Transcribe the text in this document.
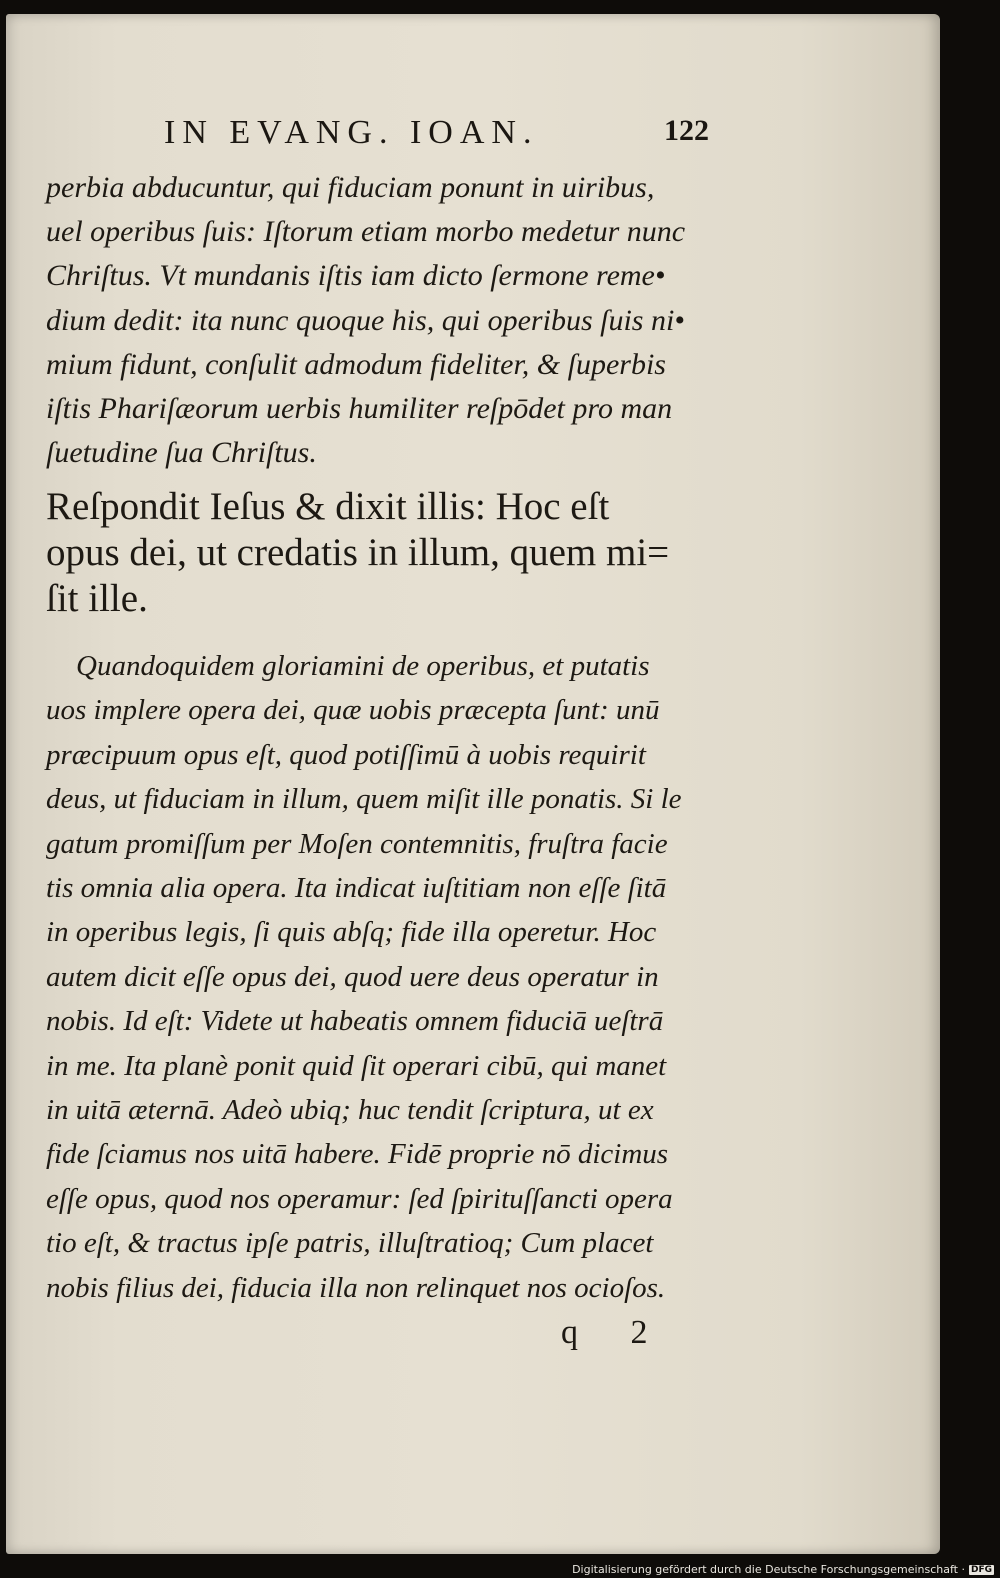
IN EVANG. IOAN.	122

perbia abducuntur, qui fiduciam ponunt in uiribus,
uel operibus ſuis: Iſtorum etiam morbo medetur nunc
Chriſtus. Vt mundanis iſtis iam dicto ſermone reme•
dium dedit: ita nunc quoque his, qui operibus ſuis ni•
mium fidunt, conſulit admodum fideliter, & ſuperbis
iſtis Phariſæorum uerbis humiliter reſpōdet pro man
ſuetudine ſua Chriſtus.

Reſpondit Ieſus & dixit illis: Hoc eſt
opus dei, ut credatis in illum, quem mi=
ſit ille.

Quandoquidem gloriamini de operibus, et putatis
uos implere opera dei, quæ uobis præcepta ſunt: unū
præcipuum opus eſt, quod potiſſimū à uobis requirit
deus, ut fiduciam in illum, quem miſit ille ponatis. Si le
gatum promiſſum per Moſen contemnitis, fruſtra facie
tis omnia alia opera. Ita indicat iuſtitiam non eſſe ſitā
in operibus legis, ſi quis abſq; fide illa operetur. Hoc
autem dicit eſſe opus dei, quod uere deus operatur in
nobis. Id eſt: Videte ut habeatis omnem fiduciā ueſtrā
in me. Ita planè ponit quid ſit operari cibū, qui manet
in uitā æternā. Adeò ubiq; huc tendit ſcriptura, ut ex
fide ſciamus nos uitā habere. Fidē proprie nō dicimus
eſſe opus, quod nos operamur: ſed ſpirituſſancti opera
tio eſt, & tractus ipſe patris, illuſtratioq; Cum placet
nobis filius dei, fiducia illa non relinquet nos ocioſos.

q 2
Digitalisierung gefördert durch die Deutsche Forschungsgemeinschaft · DFG
